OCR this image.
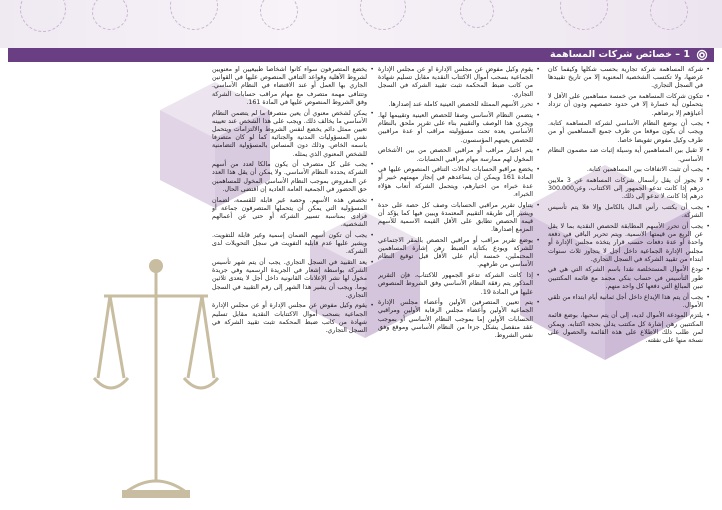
1 – خصائص شركات المساهمة

• شركة المساهمة شركة تجارية بحسب شكلها وكيفما كان غرضها، ولا تكتسب الشخصية المعنوية إلا من تاريخ تقييدها في السجل التجاري.

• تتكون شركات المساهمة من خمسة مساهمين على الأقل لا يتحملون أية خسارة إلا في حدود حصصهم ودون أن تزداد أعباؤهم إلا برضاهم.

• يجب أن يوضع النظام الأساسي لشركة المساهمة كتابة. ويجب أن يكون موقعا من طرف جميع المساهمين أو من طرف وكيل مفوض تفويضا خاصا.

• لا تقبل بين المساهمين أية وسيلة إثبات ضد مضمون النظام الأساسي.

• يجب أن تثبت الاتفاقات بين المساهمين كتابة.

• لا يجوز أن يقل رأسمال شركات المساهمة عن 3 ملايين درهم إذا كانت تدعو الجمهور إلى الاكتتاب، وعن300.000 درهم إذا كانت لا تدعو إلى ذلك.

• يجب أن يكتتب رأس المال بالكامل وإلا فلا يتم تأسيس الشركة.

• يجب أن تحرر الأسهم المطابقة للحصص النقدية بما لا يقل عن الربع من قيمتها الاسمية. ويتم تحرير الباقي في دفعة واحدة أو عدة دفعات حسب قرار يتخذه مجلس الإدارة أو مجلس الإدارة الجماعية داخل أجل لا يتجاوز ثلاث سنوات ابتداء من تقييد الشركة في السجل التجاري.

• تودع الأموال المستخلصة نقدا باسم الشركة التي هي في طور التأسيس في حساب بنكي مجمد مع قائمة المكتتبين تبين المبالغ التي دفعها كل واحد منهم.

• يجب أن يتم هذا الإيداع داخل أجل ثمانية أيام ابتداء من تلقي الأموال.

• يلتزم المودعة الأموال لديه، إلى أن يتم سحبها، بوضع قائمة المكتتبين رهن إشارة كل مكتتب يدلي بحجة اكتتابه. ويمكن لمن طلب ذلك الاطلاع على هذه القائمة والحصول على نسخة منها على نفقته.

• يقوم وكيل مفوض عن مجلس الإدارة أو عن مجلس الإدارة الجماعية بسحب أموال الاكتتاب النقدية مقابل تسليم شهادة من كاتب ضبط المحكمة تثبت تقييد الشركة في السجل التجاري.

• تحرر الأسهم الممثلة للحصص العينية كاملة عند إصدارها.

• يتضمن النظام الأساسي وصفا للحصص العينية وتقييمها لها. ويجري هذا الوصف والتقييم بناء على تقرير ملحق بالنظام الأساسي يعده تحت مسؤوليته مراقب أو عدة مراقبين للحصص يعينهم المؤسسون.

• يتم اختيار مراقب أو مراقبي الحصص من بين الأشخاص المخول لهم ممارسة مهام مراقبي الحسابات.

• يخضع مراقبو الحسابات لحالات التنافي المنصوص عليها في المادة 161 ويمكن أن يساعدهم في إنجاز مهمتهم خبير أو عدة خبراء من اختيارهم، ويتحمل الشركة أتعاب هؤلاء الخبراء.

• يتناول تقرير مراقبي الحسابات وصف كل حصة على حدة ويشير إلى طريقة التقييم المعتمدة ويبين فيها كما يؤكد أن قيمة الحصص تطابق على الأقل القيمة الاسمية للأسهم المزمع إصدارها.

• يوضع تقرير مراقب أو مراقبي الحصص بالمقر الاجتماعي للشركة ويودع بكتابة الضبط رهن إشارة المساهمين المحتملين، خمسة أيام على الأقل قبل توقيع النظام الأساسي من طرفهم.

• إذا كانت الشركة تدعو الجمهور للاكتتاب، فإن التقرير المذكور يتم رفقة النظام الأساسي وفق الشروط المنصوص عليها في المادة 19.

• يتم تعيين المتصرفين الأولين وأعضاء مجلس الإدارة الجماعية الأولين وأعضاء مجلس الرقابة الأولين ومراقبي الحسابات الأولين إما بموجب النظام الأساسي أو بموجب عقد منفصل يشكل جزءا من النظام الأساسي وموقع وفق نفس الشروط.

• يخضع المتصرفون سواء كانوا أشخاصا طبيعيين أو معنويين لشروط الأهلية وقواعد التنافي المنصوص عليها في القوانين الجاري بها العمل أو عند الاقتضاء في النظام الأساسي. وتتنافى مهمة متصرف مع مهام مراقب حسابات الشركة وفق الشروط المنصوص عليها في المادة 161.

• يمكن لشخص معنوي أن يعين متصرفا ما لم يتضمن النظام الأساسي ما يخالف ذلك. ويجب على هذا الشخص عند تعيينه تعيين ممثل دائم يخضع لنفس الشروط والالتزامات ويتحمل نفس المسؤوليات المدنية والجنائية كما لو كان متصرفا باسمه الخاص. وذلك دون المساس بالمسؤولية التضامنية للشخص المعنوي الذي يمثله.

• يجب على كل متصرف أن يكون مالكا لعدد من أسهم الشركة يحدده النظام الأساسي. ولا يمكن أن يقل هذا العدد عن المفروض بموجب النظام الأساسي المخول للمساهمين حق الحضور في الجمعية العامة العادية إن اقتضى الحال.

• تخصص هذه الأسهم. وحصة غير قابلة للقسمة، لضمان المسؤولية التي يمكن أن يتحملها المتصرفون جماعة أو فرادى بمناسبة تسيير الشركة أو حتى عن أعمالهم الشخصية.

• يجب أن تكون أسهم الضمان إسمية وغير قابلة للتفويت. ويشير عليها عدم قابلية التفويت في سجل التحويلات لدى الشركة.

• يعد التقييد في السجل التجاري. يجب أن يتم شهر تأسيس الشركة بواسطة إشعار في الجريدة الرسمية وفي جريدة مخول لها نشر الإعلانات القانونية داخل أجل لا يتعدى ثلاثين يوما. ويجب أن يشير هذا الشهر إلى رقم التقييد في السجل التجاري.

• يقوم وكيل مفوض عن مجلس الإدارة أو عن مجلس الإدارة الجماعية بسحب أموال الاكتتابات النقدية مقابل تسليم شهادة من كاتب ضبط المحكمة تثبت تقييد الشركة في السجل التجاري.
